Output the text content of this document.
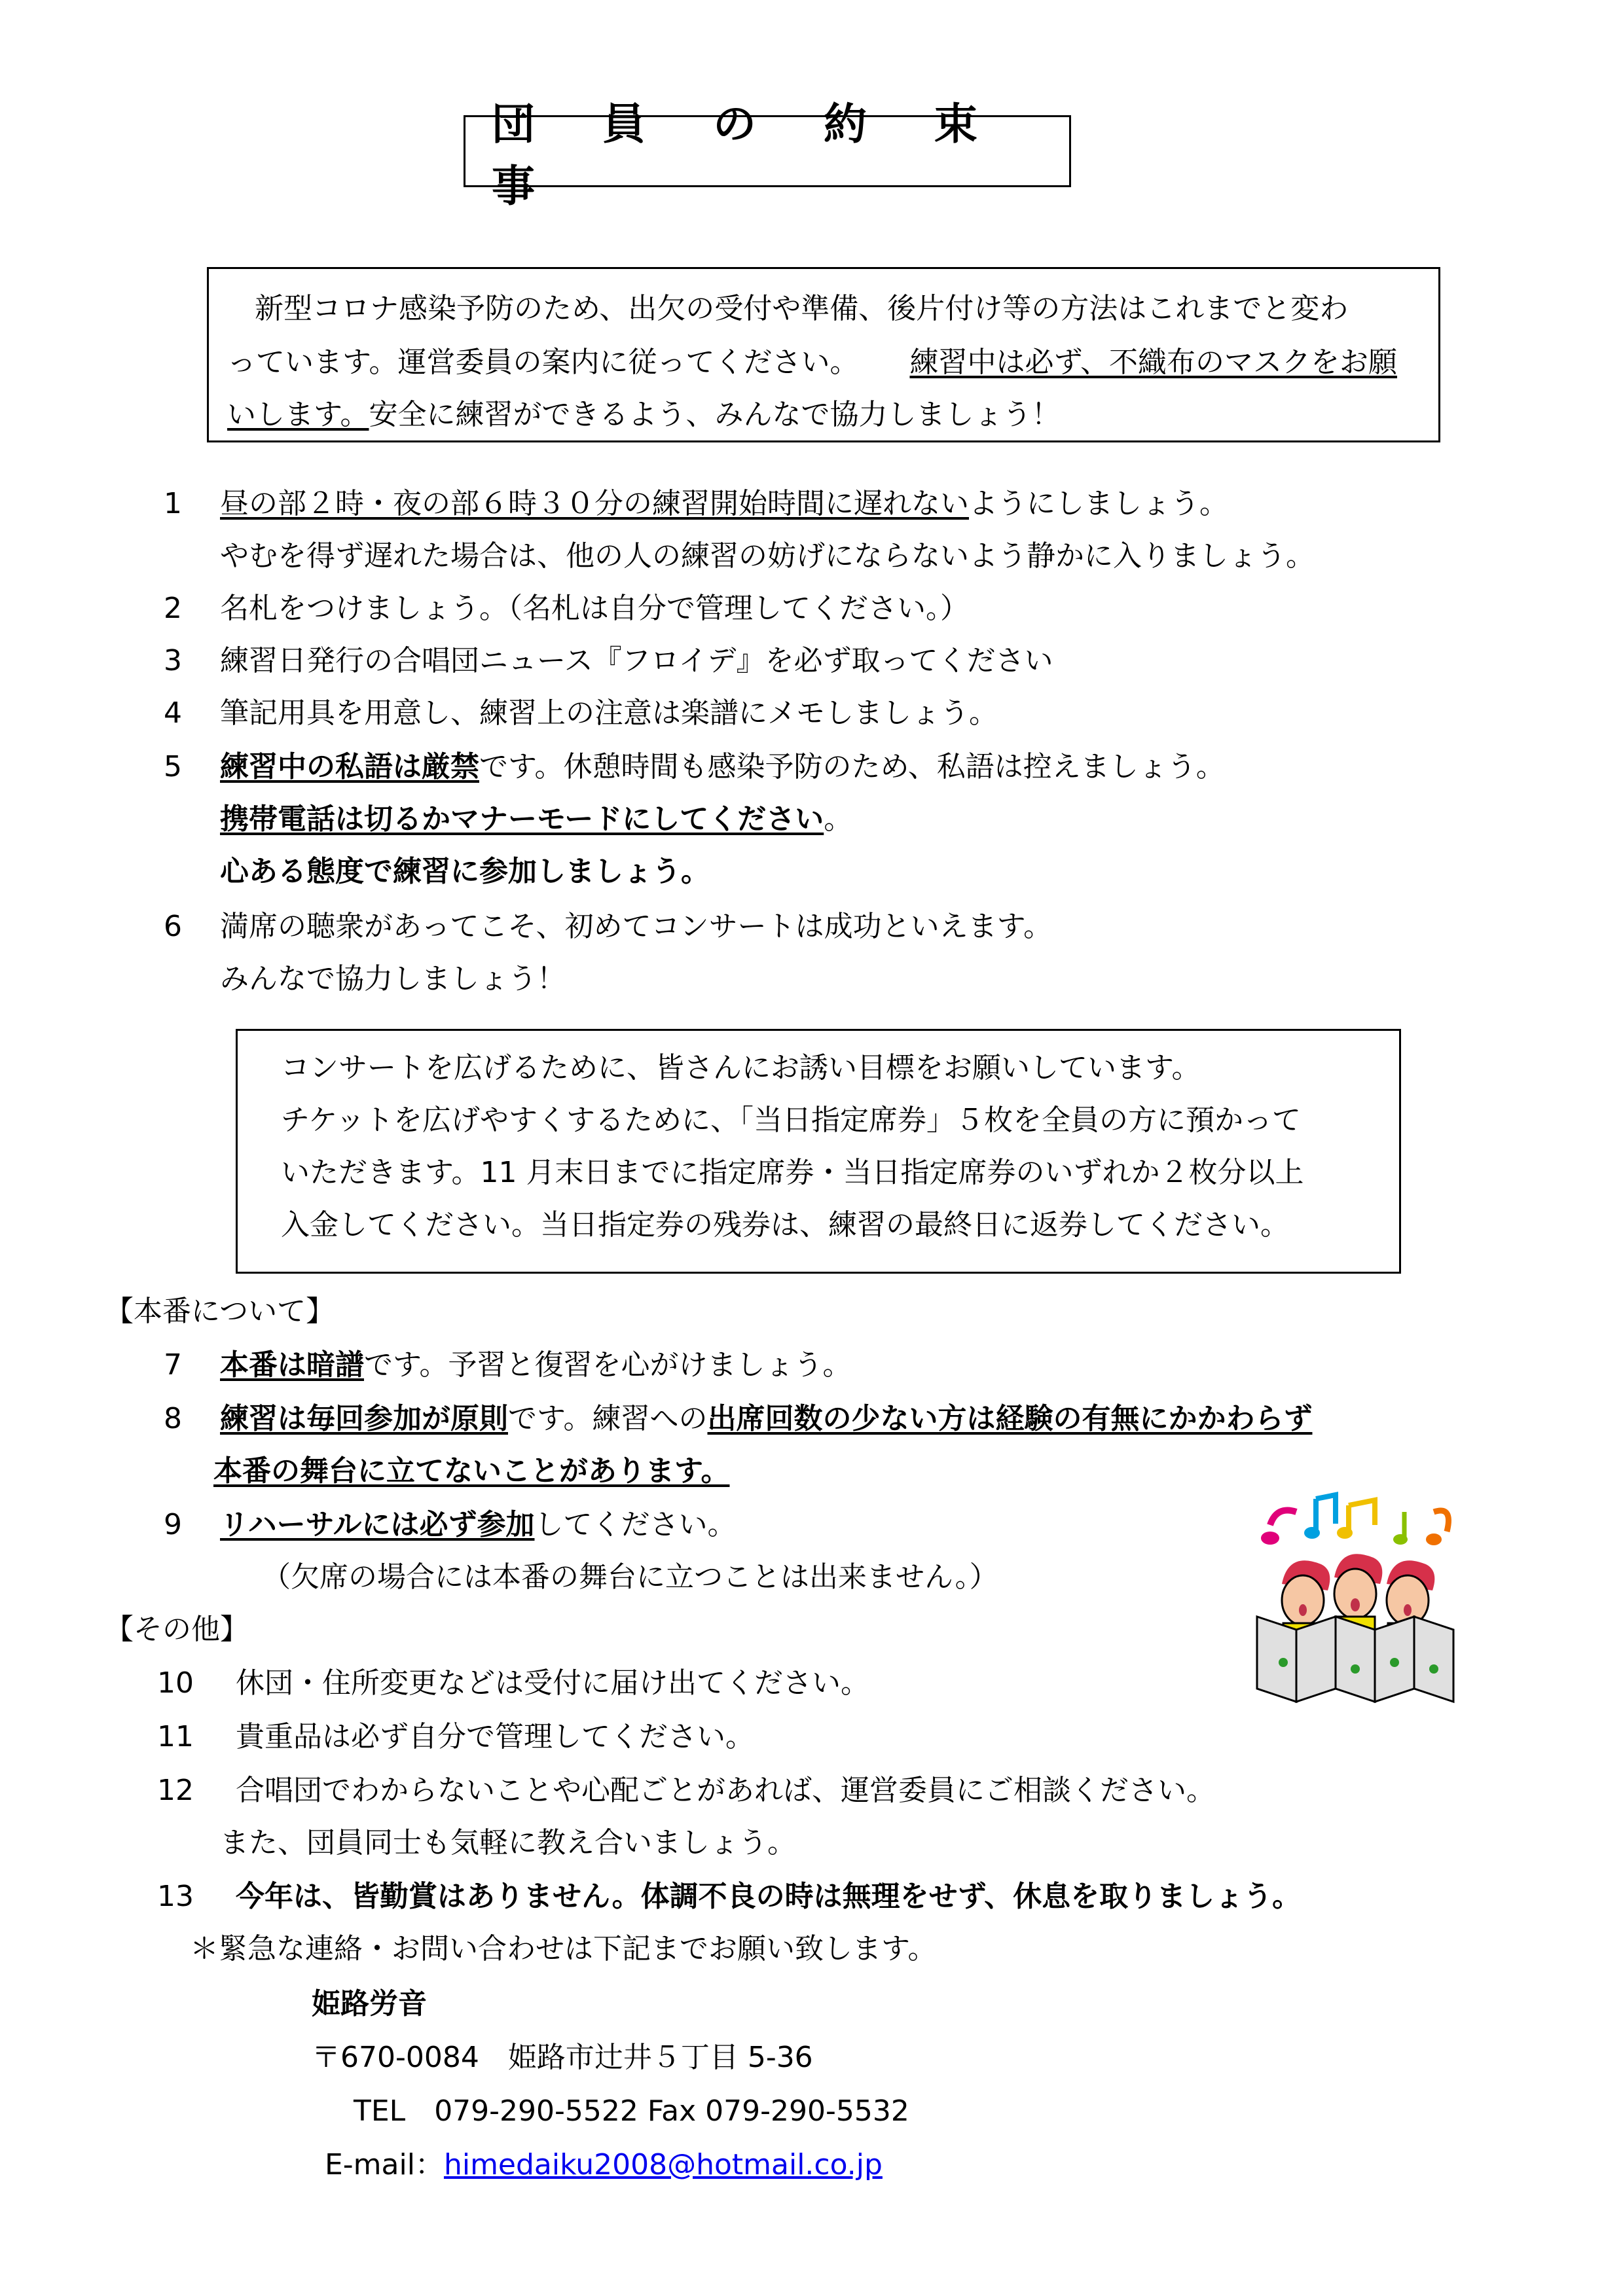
団 員 の 約 束 事
新型コロナ感染予防のため、出欠の受付や準備、後片付け等の方法はこれまでと変わ
っています。運営委員の案内に従ってください。 練習中は必ず、不織布のマスクをお願
いします。安全に練習ができるよう、みんなで協力しましょう！
1 昼の部２時・夜の部６時３０分の練習開始時間に遅れないようにしましょう。
やむを得ず遅れた場合は、他の人の練習の妨げにならないよう静かに入りましょう。
2 名札をつけましょう。（名札は自分で管理してください。）
3 練習日発行の合唱団ニュース『フロイデ』を必ず取ってください
4 筆記用具を用意し、練習上の注意は楽譜にメモしましょう。
5 練習中の私語は厳禁です。休憩時間も感染予防のため、私語は控えましょう。
携帯電話は切るかマナーモードにしてください。
心ある態度で練習に参加しましょう。
6 満席の聴衆があってこそ、初めてコンサートは成功といえます。
みんなで協力しましょう！
コンサートを広げるために、皆さんにお誘い目標をお願いしています。
チケットを広げやすくするために、「当日指定席券」５枚を全員の方に預かって
いただきます。11 月末日までに指定席券・当日指定席券のいずれか２枚分以上
入金してください。当日指定券の残券は、練習の最終日に返券してください。
【本番について】
7 本番は暗譜です。予習と復習を心がけましょう。
8 練習は毎回参加が原則です。練習への出席回数の少ない方は経験の有無にかかわらず
本番の舞台に立てないことがあります。
9 リハーサルには必ず参加してください。
（欠席の場合には本番の舞台に立つことは出来ません。）
【その他】
10 休団・住所変更などは受付に届け出てください。
11 貴重品は必ず自分で管理してください。
12 合唱団でわからないことや心配ごとがあれば、運営委員にご相談ください。
また、団員同士も気軽に教え合いましょう。
13 今年は、皆勤賞はありません。体調不良の時は無理をせず、休息を取りましょう。
＊緊急な連絡・お問い合わせは下記までお願い致します。
姫路労音
〒670-0084　姫路市辻井５丁目 5-36
TEL　079-290-5522 Fax 079-290-5532
E-mail：himedaiku2008@hotmail.co.jp
